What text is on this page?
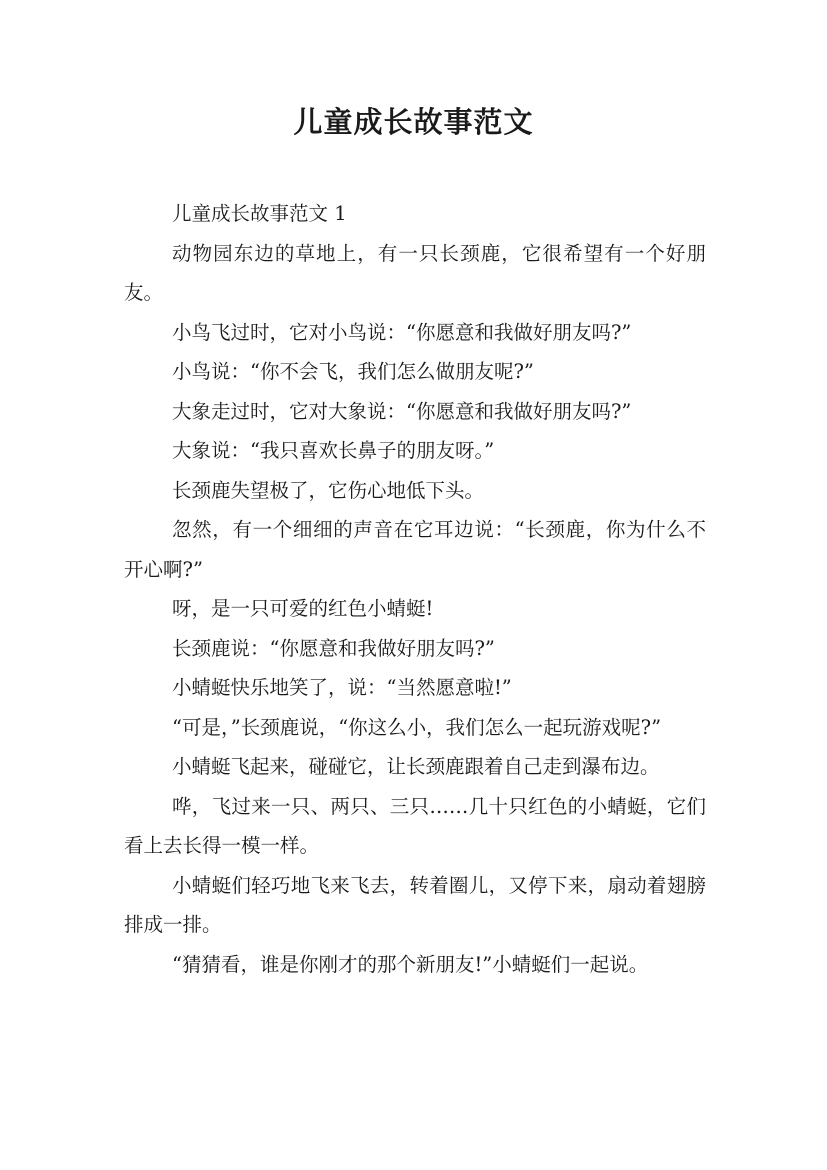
儿童成长故事范文

儿童成长故事范文 1

动物园东边的草地上，有一只长颈鹿，它很希望有一个好朋友。

小鸟飞过时，它对小鸟说：“你愿意和我做好朋友吗?”

小鸟说：“你不会飞，我们怎么做朋友呢?”

大象走过时，它对大象说：“你愿意和我做好朋友吗?”

大象说：“我只喜欢长鼻子的朋友呀。”

长颈鹿失望极了，它伤心地低下头。

忽然，有一个细细的声音在它耳边说：“长颈鹿，你为什么不开心啊?”

呀，是一只可爱的红色小蜻蜓!

长颈鹿说：“你愿意和我做好朋友吗?”

小蜻蜓快乐地笑了，说：“当然愿意啦!”

“可是，”长颈鹿说，“你这么小，我们怎么一起玩游戏呢?”

小蜻蜓飞起来，碰碰它，让长颈鹿跟着自己走到瀑布边。

哗，飞过来一只、两只、三只……几十只红色的小蜻蜓，它们看上去长得一模一样。

小蜻蜓们轻巧地飞来飞去，转着圈儿，又停下来，扇动着翅膀排成一排。

“猜猜看，谁是你刚才的那个新朋友!”小蜻蜓们一起说。
